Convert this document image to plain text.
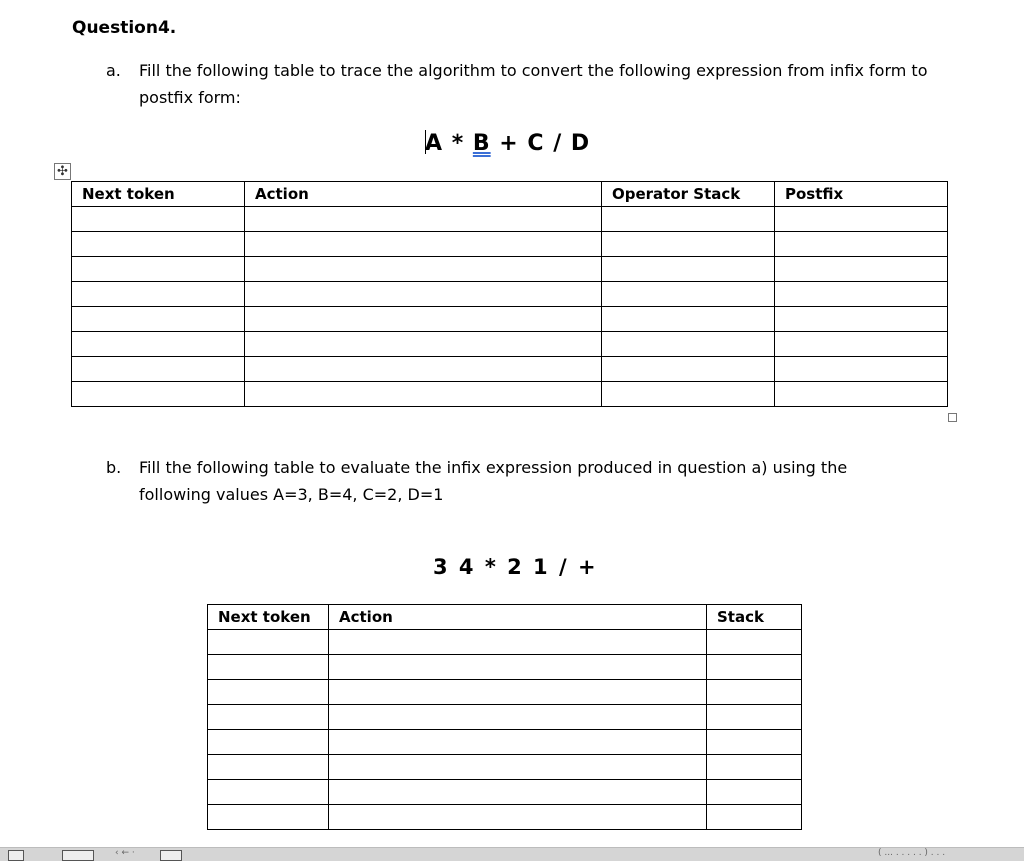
Question4.
a. Fill the following table to trace the algorithm to convert the following expression from infix form to postfix form:
A * B + C / D
✣
Next token	Action	Operator Stack	Postfix

b. Fill the following table to evaluate the infix expression produced in question a) using the following values A=3, B=4, C=2, D=1
3 4 * 2 1 / +
Next token	Action	Stack

‹ ← ·	( ... . . . . . ) . . .
